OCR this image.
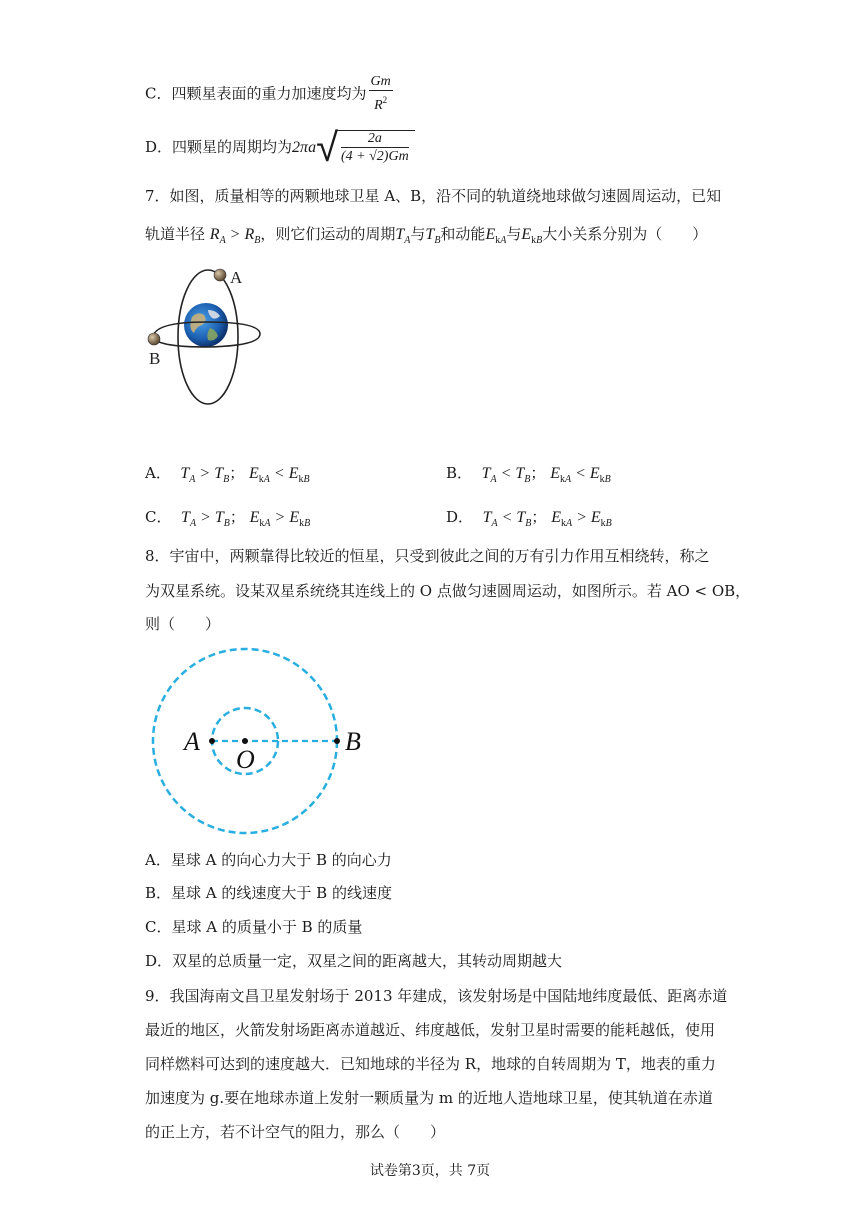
C．四颗星表面的重力加速度均为 $\frac{Gm}{R^2}$
D．四颗星的周期均为$2\pi a√ \frac{2a}{(4 + √2)Gm}$
7．如图，质量相等的两颗地球卫星 A、B，沿不同的轨道绕地球做匀速圆周运动，已知
轨道半径 $R_A > R_B$，则它们运动的周期$T_A$与$T_B$和动能$E_{kA}$与$E_{kB}$大小关系分别为（　　）
A
B
A． $T_A > T_B$； $E_{kA} < E_{kB}$	B． $T_A < T_B$； $E_{kA} < E_{kB}$
C． $T_A > T_B$； $E_{kA} > E_{kB}$	D． $T_A < T_B$； $E_{kA} > E_{kB}$
8．宇宙中，两颗靠得比较近的恒星，只受到彼此之间的万有引力作用互相绕转，称之
为双星系统。设某双星系统绕其连线上的 O 点做匀速圆周运动，如图所示。若 AO < OB，
则（　　）
A
O
B
A．星球 A 的向心力大于 B 的向心力
B．星球 A 的线速度大于 B 的线速度
C．星球 A 的质量小于 B 的质量
D．双星的总质量一定，双星之间的距离越大，其转动周期越大
9．我国海南文昌卫星发射场于 2013 年建成，该发射场是中国陆地纬度最低、距离赤道
最近的地区，火箭发射场距离赤道越近、纬度越低，发射卫星时需要的能耗越低，使用
同样燃料可达到的速度越大．已知地球的半径为 R，地球的自转周期为 T，地表的重力
加速度为 g.要在地球赤道上发射一颗质量为 m 的近地人造地球卫星，使其轨道在赤道
的正上方，若不计空气的阻力，那么（　　）
试卷第3页，共 7页
